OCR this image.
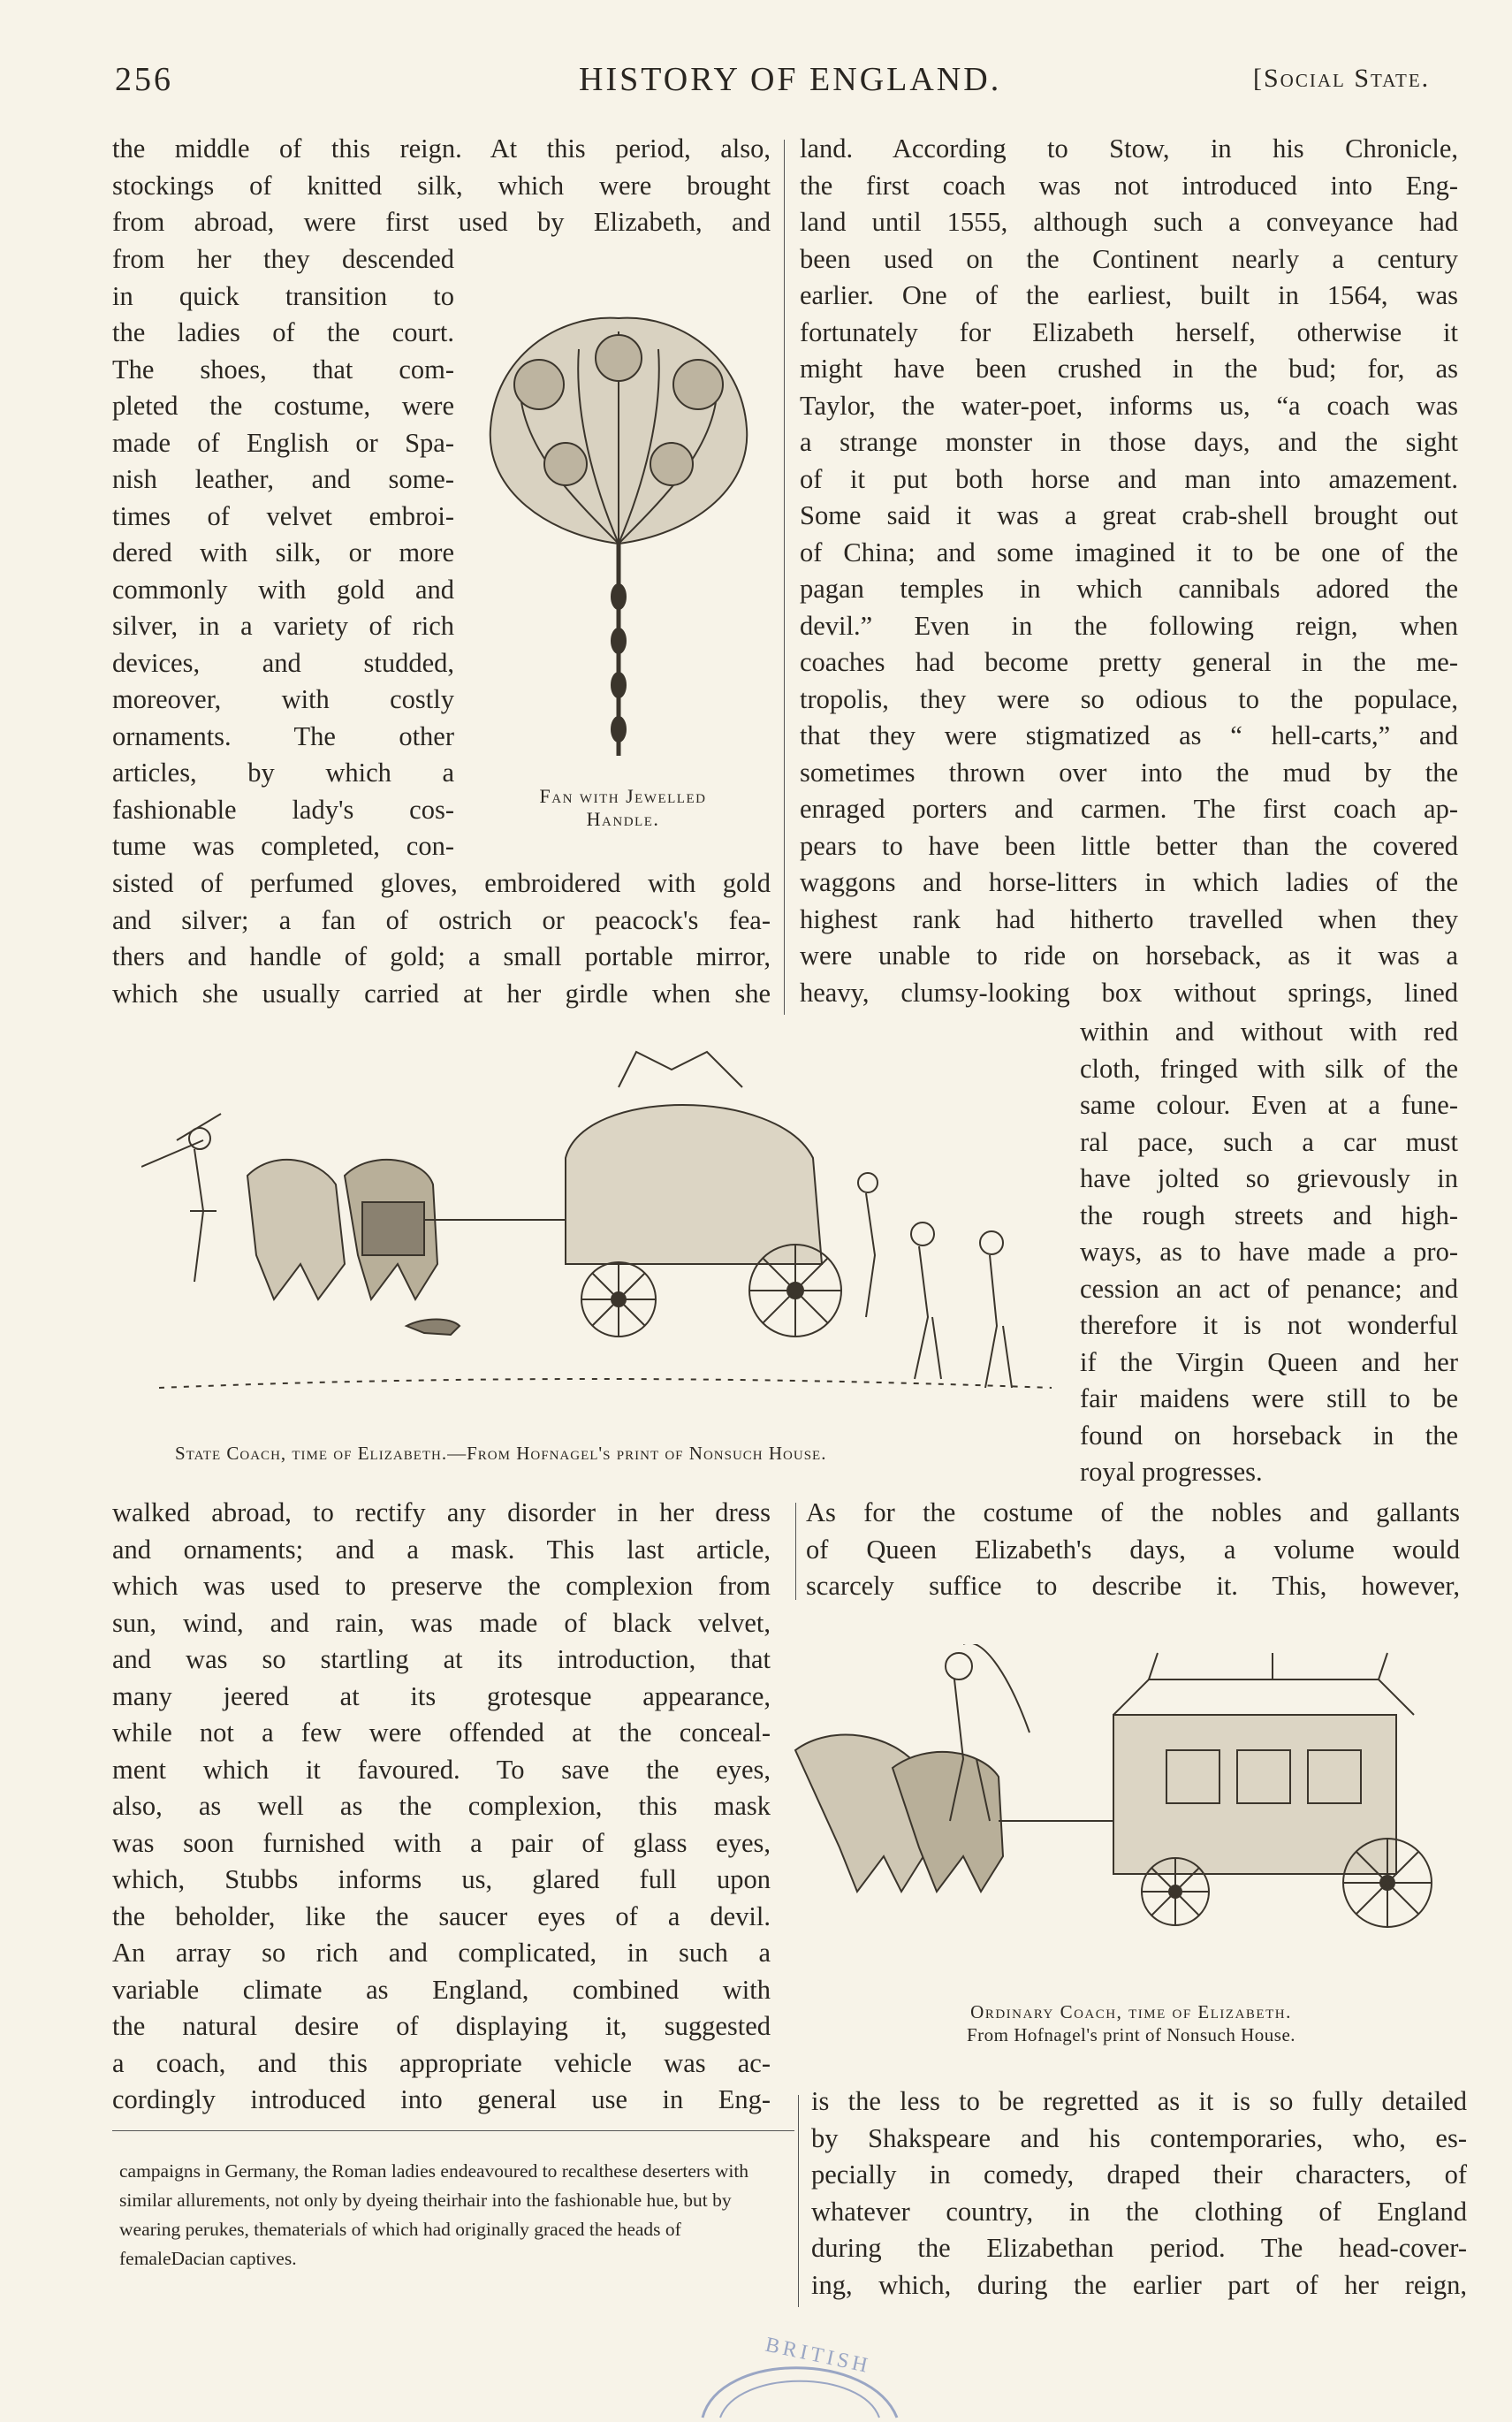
256	HISTORY OF ENGLAND.	[Social State.
the middle of this reign. At this period, also,
stockings of knitted silk, which were brought
from abroad, were first used by Elizabeth, and
from her they descended
in quick transition to
the ladies of the court.
The shoes, that com-
pleted the costume, were
made of English or Spa-
nish leather, and some-
times of velvet embroi-
dered with silk, or more
commonly with gold and
silver, in a variety of rich
devices, and studded,
moreover, with costly
ornaments. The other
articles, by which a
fashionable lady's cos-
tume was completed, con-
Fan with Jewelled
Handle.
sisted of perfumed gloves, embroidered with gold
and silver; a fan of ostrich or peacock's fea-
thers and handle of gold; a small portable mirror,
which she usually carried at her girdle when she
land. According to Stow, in his Chronicle,
the first coach was not introduced into Eng-
land until 1555, although such a conveyance had
been used on the Continent nearly a century
earlier. One of the earliest, built in 1564, was
fortunately for Elizabeth herself, otherwise it
might have been crushed in the bud; for, as
Taylor, the water-poet, informs us, “a coach was
a strange monster in those days, and the sight
of it put both horse and man into amazement.
Some said it was a great crab-shell brought out
of China; and some imagined it to be one of the
pagan temples in which cannibals adored the
devil.” Even in the following reign, when
coaches had become pretty general in the me-
tropolis, they were so odious to the populace,
that they were stigmatized as “ hell-carts,” and
sometimes thrown over into the mud by the
enraged porters and carmen. The first coach ap-
pears to have been little better than the covered
waggons and horse-litters in which ladies of the
highest rank had hitherto travelled when they
were unable to ride on horseback, as it was a
heavy, clumsy-looking box without springs, lined
within and without with red
cloth, fringed with silk of the
same colour. Even at a fune-
ral pace, such a car must
have jolted so grievously in
the rough streets and high-
ways, as to have made a pro-
cession an act of penance; and
therefore it is not wonderful
if the Virgin Queen and her
fair maidens were still to be
found on horseback in the
royal progresses.
State Coach, time of Elizabeth.—From Hofnagel's print of Nonsuch House.
walked abroad, to rectify any disorder in her dress
and ornaments; and a mask. This last article,
which was used to preserve the complexion from
sun, wind, and rain, was made of black velvet,
and was so startling at its introduction, that
many jeered at its grotesque appearance,
while not a few were offended at the conceal-
ment which it favoured. To save the eyes,
also, as well as the complexion, this mask
was soon furnished with a pair of glass eyes,
which, Stubbs informs us, glared full upon
the beholder, like the saucer eyes of a devil.
An array so rich and complicated, in such a
variable climate as England, combined with
the natural desire of displaying it, suggested
a coach, and this appropriate vehicle was ac-
cordingly introduced into general use in Eng-
As for the costume of the nobles and gallants
of Queen Elizabeth's days, a volume would
scarcely suffice to describe it. This, however,
Ordinary Coach, time of Elizabeth.
From Hofnagel's print of Nonsuch House.
campaigns in Germany, the Roman ladies endeavoured to recalthese deserters with similar allurements, not only by dyeing theirhair into the fashionable hue, but by wearing perukes, thematerials of which had originally graced the heads of femaleDacian captives.
is the less to be regretted as it is so fully detailed
by Shakspeare and his contemporaries, who, es-
pecially in comedy, draped their characters, of
whatever country, in the clothing of England
during the Elizabethan period. The head-cover-
ing, which, during the earlier part of her reign,
BRITISH
